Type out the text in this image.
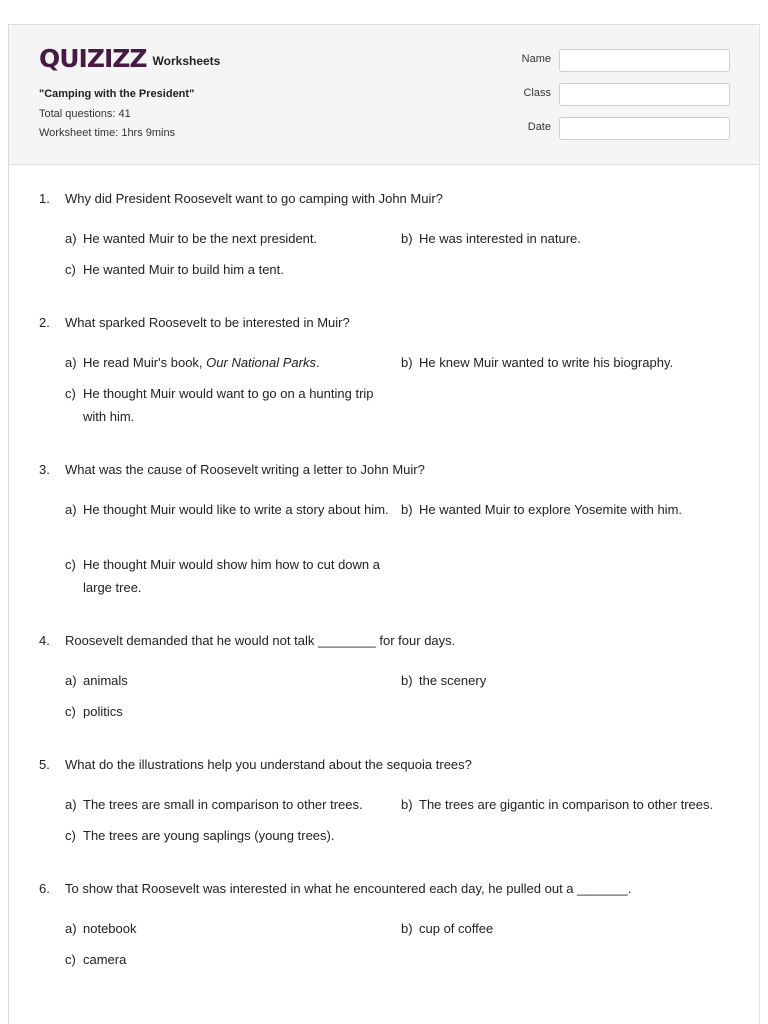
QUIZIZZ Worksheets
"Camping with the President"
Total questions: 41
Worksheet time: 1hrs 9mins
Name
Class
Date
1. Why did President Roosevelt want to go camping with John Muir?
a) He wanted Muir to be the next president.	b) He was interested in nature.
c) He wanted Muir to build him a tent.
2. What sparked Roosevelt to be interested in Muir?
a) He read Muir's book, Our National Parks.	b) He knew Muir wanted to write his biography.
c) He thought Muir would want to go on a hunting trip with him.
3. What was the cause of Roosevelt writing a letter to John Muir?
a) He thought Muir would like to write a story about him. b) He wanted Muir to explore Yosemite with him.
c) He thought Muir would show him how to cut down a large tree.
4. Roosevelt demanded that he would not talk ________ for four days.
a) animals	b) the scenery
c) politics
5. What do the illustrations help you understand about the sequoia trees?
a) The trees are small in comparison to other trees.	b) The trees are gigantic in comparison to other trees.
c) The trees are young saplings (young trees).
6. To show that Roosevelt was interested in what he encountered each day, he pulled out a _______.
a) notebook	b) cup of coffee
c) camera
